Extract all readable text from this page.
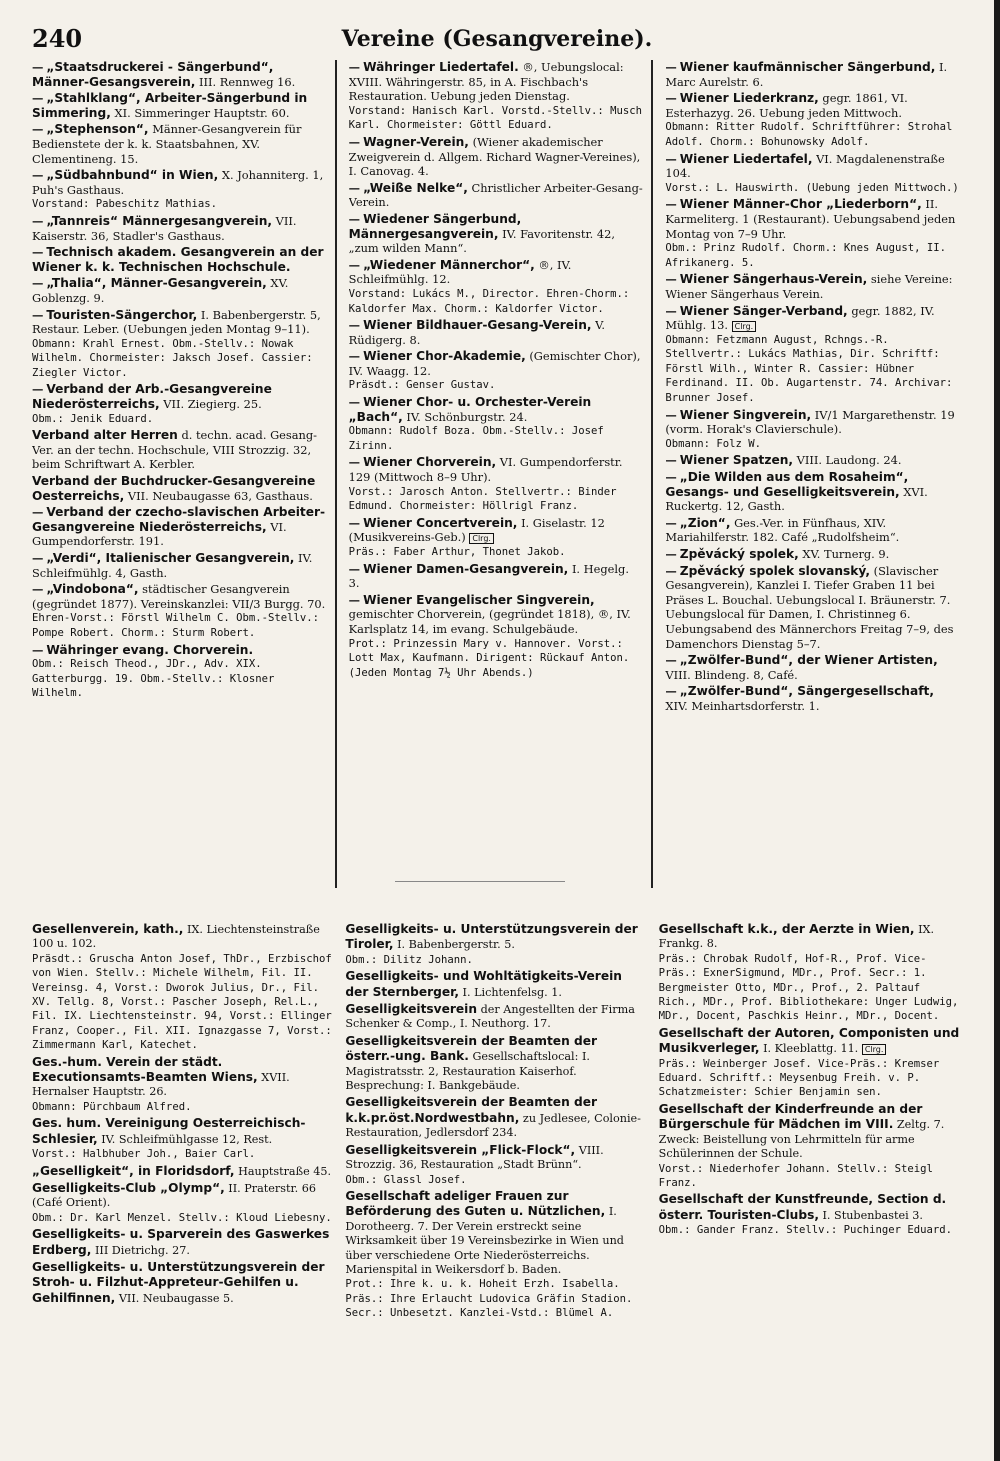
240	Vereine (Gesangvereine).
— „Staatsdruckerei - Sängerbund“, Männer-Gesangsverein, III. Rennweg 16.
— „Stahlklang“, Arbeiter-Sängerbund in Simmering, XI. Simmeringer Hauptstr. 60.
— „Stephenson“, Männer-Gesangverein für Bedienstete der k. k. Staatsbahnen, XV. Clementineng. 15.
— „Südbahnbund“ in Wien, X. Johanniterg. 1, Puh's Gasthaus.
Vorstand: Pabeschitz Mathias.
— „Tannreis“ Männergesangverein, VII. Kaiserstr. 36, Stadler's Gasthaus.
— Technisch akadem. Gesangverein an der Wiener k. k. Technischen Hochschule.
— „Thalia“, Männer-Gesangverein, XV. Goblenzg. 9.
— Touristen-Sängerchor, I. Babenbergerstr. 5, Restaur. Leber. (Uebungen jeden Montag 9–11).
Obmann: Krahl Ernest. Obm.-Stellv.: Nowak Wilhelm. Chormeister: Jaksch Josef. Cassier: Ziegler Victor.
— Verband der Arb.-Gesangvereine Niederösterreichs, VII. Ziegierg. 25.
Obm.: Jenik Eduard.
Verband alter Herren d. techn. acad. Gesang-Ver. an der techn. Hochschule, VIII Strozzig. 32, beim Schriftwart A. Kerbler.
Verband der Buchdrucker-Gesangvereine Oesterreichs, VII. Neubaugasse 63, Gasthaus.
— Verband der czecho-slavischen Arbeiter-Gesangvereine Niederösterreichs, VI. Gumpendorferstr. 191.
— „Verdi“, Italienischer Gesangverein, IV. Schleifmühlg. 4, Gasth.
— „Vindobona“, städtischer Gesangverein (gegründet 1877). Vereinskanzlei: VII/3 Burgg. 70.
Ehren-Vorst.: Förstl Wilhelm C. Obm.-Stellv.: Pompe Robert. Chorm.: Sturm Robert.
— Währinger evang. Chorverein.
Obm.: Reisch Theod., JDr., Adv. XIX. Gatterburgg. 19. Obm.-Stellv.: Klosner Wilhelm.
— Währinger Liedertafel. ®, Uebungslocal: XVIII. Währingerstr. 85, in A. Fischbach's Restauration. Uebung jeden Dienstag.
Vorstand: Hanisch Karl. Vorstd.-Stellv.: Musch Karl. Chormeister: Göttl Eduard.
— Wagner-Verein, (Wiener akademischer Zweigverein d. Allgem. Richard Wagner-Vereines), I. Canovag. 4.
— „Weiße Nelke“, Christlicher Arbeiter-Gesang-Verein.
— Wiedener Sängerbund, Männergesangverein, IV. Favoritenstr. 42, „zum wilden Mann“.
— „Wiedener Männerchor“, ®, IV. Schleifmühlg. 12.
Vorstand: Lukács M., Director. Ehren-Chorm.: Kaldorfer Max. Chorm.: Kaldorfer Victor.
— Wiener Bildhauer-Gesang-Verein, V. Rüdigerg. 8.
— Wiener Chor-Akademie, (Gemischter Chor), IV. Waagg. 12.
Präsdt.: Genser Gustav.
— Wiener Chor- u. Orchester-Verein „Bach“, IV. Schönburgstr. 24.
Obmann: Rudolf Boza. Obm.-Stellv.: Josef Zirinn.
— Wiener Chorverein, VI. Gumpendorferstr. 129 (Mittwoch 8–9 Uhr).
Vorst.: Jarosch Anton. Stellvertr.: Binder Edmund. Chormeister: Höllrigl Franz.
— Wiener Concertverein, I. Giselastr. 12 (Musikvereins-Geb.) Clrg.
Präs.: Faber Arthur, Thonet Jakob.
— Wiener Damen-Gesangverein, I. Hegelg. 3.
— Wiener Evangelischer Singverein, gemischter Chorverein, (gegründet 1818), ®, IV. Karlsplatz 14, im evang. Schulgebäude.
Prot.: Prinzessin Mary v. Hannover. Vorst.: Lott Max, Kaufmann. Dirigent: Rückauf Anton. (Jeden Montag 7½ Uhr Abends.)
— Wiener kaufmännischer Sängerbund, I. Marc Aurelstr. 6.
— Wiener Liederkranz, gegr. 1861, VI. Esterhazyg. 26. Uebung jeden Mittwoch.
Obmann: Ritter Rudolf. Schriftführer: Strohal Adolf. Chorm.: Bohunowsky Adolf.
— Wiener Liedertafel, VI. Magdalenenstraße 104.
Vorst.: L. Hauswirth. (Uebung jeden Mittwoch.)
— Wiener Männer-Chor „Liederborn“, II. Karmeliterg. 1 (Restaurant). Uebungsabend jeden Montag von 7–9 Uhr.
Obm.: Prinz Rudolf. Chorm.: Knes August, II. Afrikanerg. 5.
— Wiener Sängerhaus-Verein, siehe Vereine: Wiener Sängerhaus Verein.
— Wiener Sänger-Verband, gegr. 1882, IV. Mühlg. 13. Clrg.
Obmann: Fetzmann August, Rchngs.-R. Stellvertr.: Lukács Mathias, Dir. Schriftf: Förstl Wilh., Winter R. Cassier: Hübner Ferdinand. II. Ob. Augartenstr. 74. Archivar: Brunner Josef.
— Wiener Singverein, IV/1 Margarethenstr. 19 (vorm. Horak's Clavierschule).
Obmann: Folz W.
— Wiener Spatzen, VIII. Laudong. 24.
— „Die Wilden aus dem Rosaheim“, Gesangs- und Geselligkeitsverein, XVI. Ruckertg. 12, Gasth.
— „Zion“, Ges.-Ver. in Fünfhaus, XIV. Mariahilferstr. 182. Café „Rudolfsheim“.
— Zpěvácký spolek, XV. Turnerg. 9.
— Zpěvácký spolek slovanský, (Slavischer Gesangverein), Kanzlei I. Tiefer Graben 11 bei Präses L. Bouchal. Uebungslocal I. Bräunerstr. 7. Uebungslocal für Damen, I. Christinneg 6. Uebungsabend des Männerchors Freitag 7–9, des Damenchors Dienstag 5–7.
— „Zwölfer-Bund“, der Wiener Artisten, VIII. Blindeng. 8, Café.
— „Zwölfer-Bund“, Sängergesellschaft, XIV. Meinhartsdorferstr. 1.
Gesellenverein, kath., IX. Liechtensteinstraße 100 u. 102.
Präsdt.: Gruscha Anton Josef, ThDr., Erzbischof von Wien. Stellv.: Michele Wilhelm, Fil. II. Vereinsg. 4, Vorst.: Dworok Julius, Dr., Fil. XV. Tellg. 8, Vorst.: Pascher Joseph, Rel.L., Fil. IX. Liechtensteinstr. 94, Vorst.: Ellinger Franz, Cooper., Fil. XII. Ignazgasse 7, Vorst.: Zimmermann Karl, Katechet.
Ges.-hum. Verein der städt. Executionsamts-Beamten Wiens, XVII. Hernalser Hauptstr. 26.
Obmann: Pürchbaum Alfred.
Ges. hum. Vereinigung Oesterreichisch-Schlesier, IV. Schleifmühlgasse 12, Rest.
Vorst.: Halbhuber Joh., Baier Carl.
„Geselligkeit“, in Floridsdorf, Hauptstraße 45.
Geselligkeits-Club „Olymp“, II. Praterstr. 66 (Café Orient).
Obm.: Dr. Karl Menzel. Stellv.: Kloud Liebesny.
Geselligkeits- u. Sparverein des Gaswerkes Erdberg, III Dietrichg. 27.
Geselligkeits- u. Unterstützungsverein der Stroh- u. Filzhut-Appreteur-Gehilfen u. Gehilfinnen, VII. Neubaugasse 5.
Geselligkeits- u. Unterstützungsverein der Tiroler, I. Babenbergerstr. 5.
Obm.: Dilitz Johann.
Geselligkeits- und Wohltätigkeits-Verein der Sternberger, I. Lichtenfelsg. 1.
Geselligkeitsverein der Angestellten der Firma Schenker & Comp., I. Neuthorg. 17.
Geselligkeitsverein der Beamten der österr.-ung. Bank. Gesellschaftslocal: I. Magistratsstr. 2, Restauration Kaiserhof. Besprechung: I. Bankgebäude.
Geselligkeitsverein der Beamten der k.k.pr.öst.Nordwestbahn, zu Jedlesee, Colonie-Restauration, Jedlersdorf 234.
Geselligkeitsverein „Flick-Flock“, VIII. Strozzig. 36, Restauration „Stadt Brünn“.
Obm.: Glassl Josef.
Gesellschaft adeliger Frauen zur Beförderung des Guten u. Nützlichen, I. Dorotheerg. 7. Der Verein erstreckt seine Wirksamkeit über 19 Vereinsbezirke in Wien und über verschiedene Orte Niederösterreichs. Marienspital in Weikersdorf b. Baden.
Prot.: Ihre k. u. k. Hoheit Erzh. Isabella. Präs.: Ihre Erlaucht Ludovica Gräfin Stadion. Secr.: Unbesetzt. Kanzlei-Vstd.: Blümel A.
Gesellschaft k.k., der Aerzte in Wien, IX. Frankg. 8.
Präs.: Chrobak Rudolf, Hof-R., Prof. Vice-Präs.: ExnerSigmund, MDr., Prof. Secr.: 1. Bergmeister Otto, MDr., Prof., 2. Paltauf Rich., MDr., Prof. Bibliothekare: Unger Ludwig, MDr., Docent, Paschkis Heinr., MDr., Docent.
Gesellschaft der Autoren, Componisten und Musikverleger, I. Kleeblattg. 11. Clrg.
Präs.: Weinberger Josef. Vice-Präs.: Kremser Eduard. Schriftf.: Meysenbug Freih. v. P. Schatzmeister: Schier Benjamin sen.
Gesellschaft der Kinderfreunde an der Bürgerschule für Mädchen im VIII. Zeltg. 7. Zweck: Beistellung von Lehrmitteln für arme Schülerinnen der Schule.
Vorst.: Niederhofer Johann. Stellv.: Steigl Franz.
Gesellschaft der Kunstfreunde, Section d. österr. Touristen-Clubs, I. Stubenbastei 3.
Obm.: Gander Franz. Stellv.: Puchinger Eduard.
